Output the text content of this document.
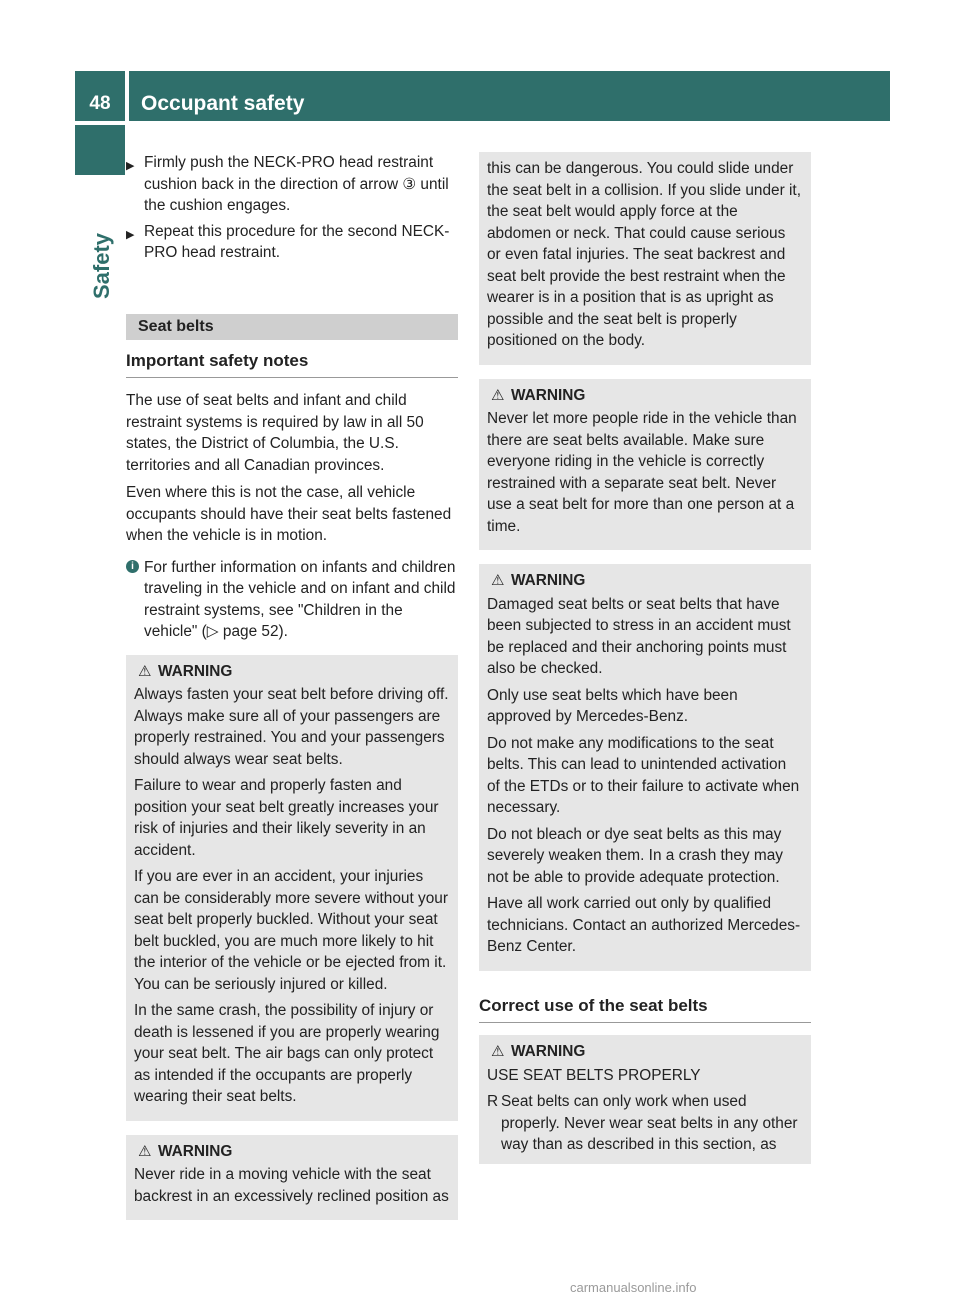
48	Occupant safety
Safety
▶ Firmly push the NECK-PRO head restraint cushion back in the direction of arrow ③ until the cushion engages.
▶ Repeat this procedure for the second NECK-PRO head restraint.
Seat belts
Important safety notes

The use of seat belts and infant and child restraint systems is required by law in all 50 states, the District of Columbia, the U.S. territories and all Canadian provinces.

Even where this is not the case, all vehicle occupants should have their seat belts fastened when the vehicle is in motion.

i For further information on infants and children traveling in the vehicle and on infant and child restraint systems, see "Children in the vehicle" (▷ page 52).
⚠ WARNING

Always fasten your seat belt before driving off. Always make sure all of your passengers are properly restrained. You and your passengers should always wear seat belts.

Failure to wear and properly fasten and position your seat belt greatly increases your risk of injuries and their likely severity in an accident.

If you are ever in an accident, your injuries can be considerably more severe without your seat belt properly buckled. Without your seat belt buckled, you are much more likely to hit the interior of the vehicle or be ejected from it. You can be seriously injured or killed.

In the same crash, the possibility of injury or death is lessened if you are properly wearing your seat belt. The air bags can only protect as intended if the occupants are properly wearing their seat belts.

⚠ WARNING

Never ride in a moving vehicle with the seat backrest in an excessively reclined position as

this can be dangerous. You could slide under the seat belt in a collision. If you slide under it, the seat belt would apply force at the abdomen or neck. That could cause serious or even fatal injuries. The seat backrest and seat belt provide the best restraint when the wearer is in a position that is as upright as possible and the seat belt is properly positioned on the body.

⚠ WARNING

Never let more people ride in the vehicle than there are seat belts available. Make sure everyone riding in the vehicle is correctly restrained with a separate seat belt. Never use a seat belt for more than one person at a time.

⚠ WARNING

Damaged seat belts or seat belts that have been subjected to stress in an accident must be replaced and their anchoring points must also be checked.

Only use seat belts which have been approved by Mercedes-Benz.

Do not make any modifications to the seat belts. This can lead to unintended activation of the ETDs or to their failure to activate when necessary.

Do not bleach or dye seat belts as this may severely weaken them. In a crash they may not be able to provide adequate protection.

Have all work carried out only by qualified technicians. Contact an authorized Mercedes-Benz Center.

Correct use of the seat belts
⚠ WARNING

USE SEAT BELTS PROPERLY

R Seat belts can only work when used properly. Never wear seat belts in any other way than as described in this section, as
carmanualsonline.info
